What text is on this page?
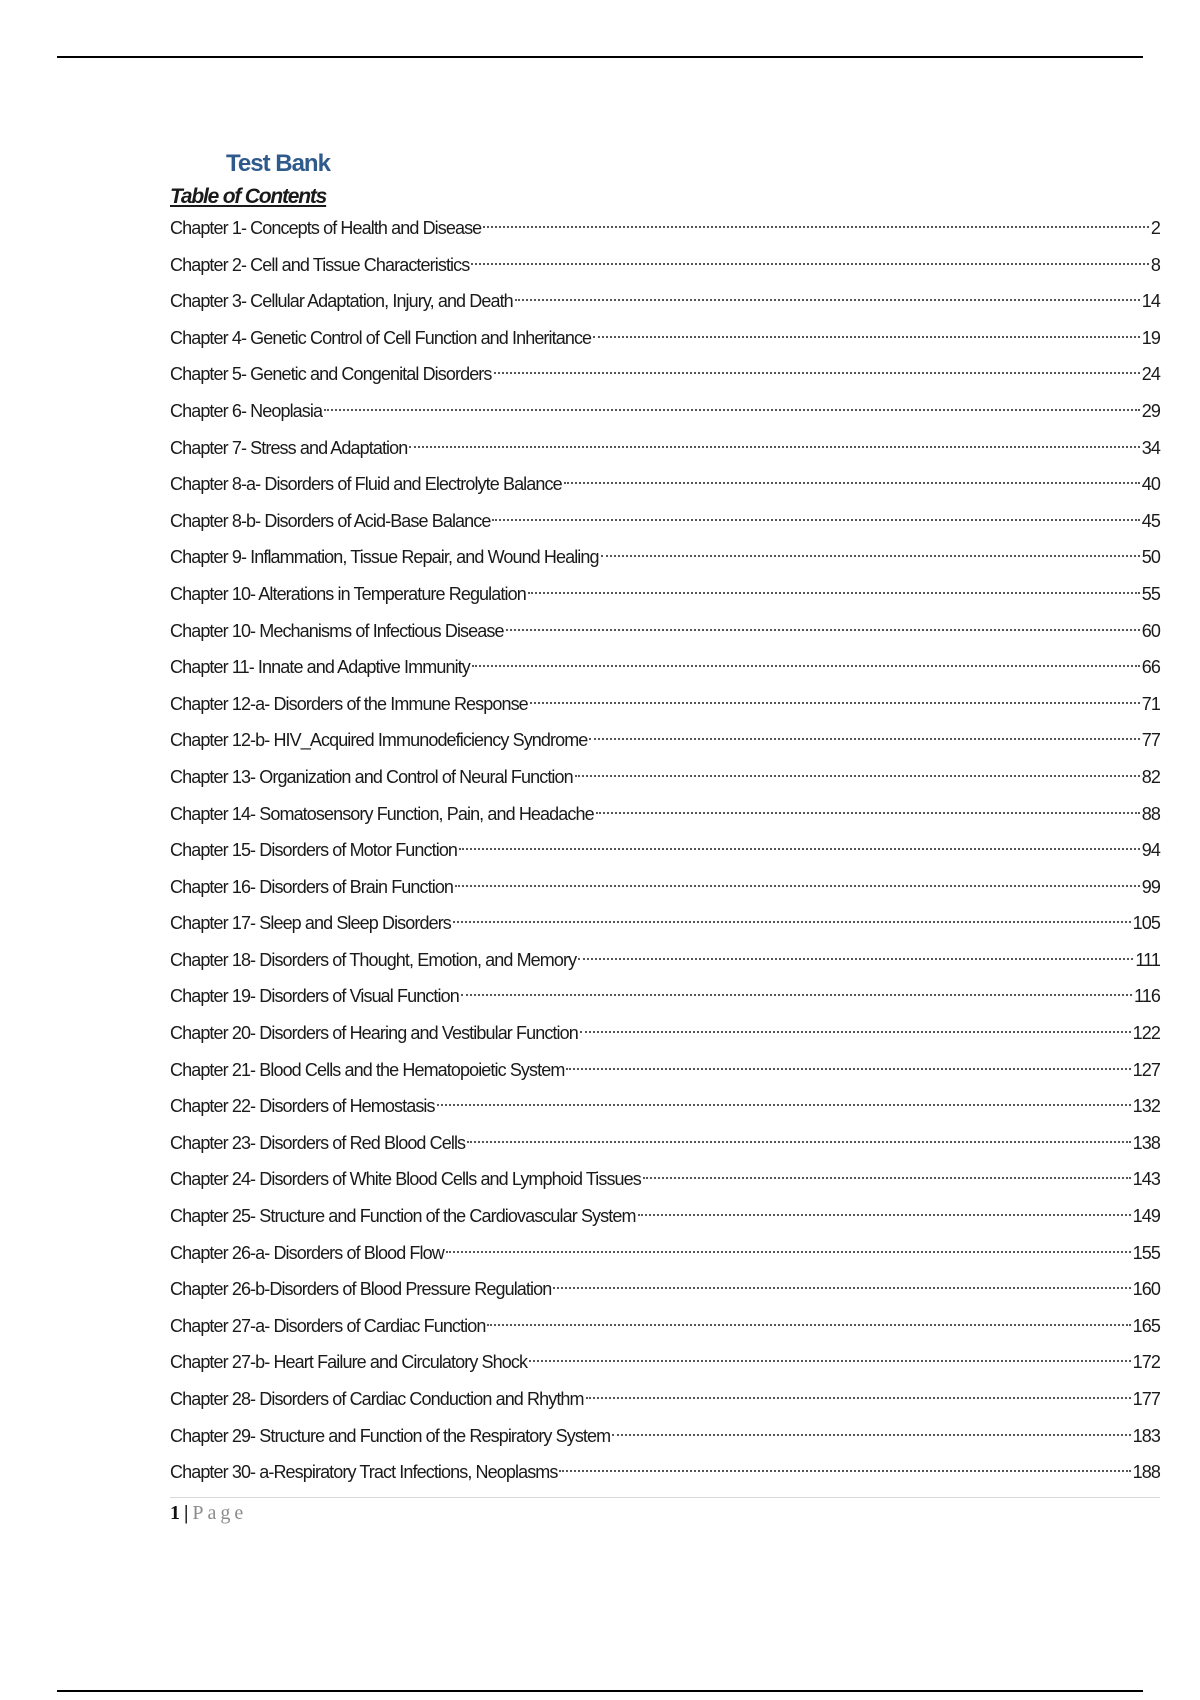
Test Bank
Table of Contents
Chapter 1- Concepts of Health and Disease	2
Chapter 2- Cell and Tissue Characteristics	8
Chapter 3- Cellular Adaptation, Injury, and Death	14
Chapter 4- Genetic Control of Cell Function and Inheritance	19
Chapter 5- Genetic and Congenital Disorders	24
Chapter 6- Neoplasia	29
Chapter 7- Stress and Adaptation	34
Chapter 8-a- Disorders of Fluid and Electrolyte Balance	40
Chapter 8-b- Disorders of Acid-Base Balance	45
Chapter 9- Inflammation, Tissue Repair, and Wound Healing	50
Chapter 10- Alterations in Temperature Regulation	55
Chapter 10- Mechanisms of Infectious Disease	60
Chapter 11- Innate and Adaptive Immunity	66
Chapter 12-a- Disorders of the Immune Response	71
Chapter 12-b- HIV_Acquired Immunodeficiency Syndrome	77
Chapter 13- Organization and Control of Neural Function	82
Chapter 14- Somatosensory Function, Pain, and Headache	88
Chapter 15- Disorders of Motor Function	94
Chapter 16- Disorders of Brain Function	99
Chapter 17- Sleep and Sleep Disorders	105
Chapter 18- Disorders of Thought, Emotion, and Memory	111
Chapter 19- Disorders of Visual Function	116
Chapter 20- Disorders of Hearing and Vestibular Function	122
Chapter 21- Blood Cells and the Hematopoietic System	127
Chapter 22- Disorders of Hemostasis	132
Chapter 23- Disorders of Red Blood Cells	138
Chapter 24- Disorders of White Blood Cells and Lymphoid Tissues	143
Chapter 25- Structure and Function of the Cardiovascular System	149
Chapter 26-a- Disorders of Blood Flow	155
Chapter 26-b-Disorders of Blood Pressure Regulation	160
Chapter 27-a- Disorders of Cardiac Function	165
Chapter 27-b- Heart Failure and Circulatory Shock	172
Chapter 28- Disorders of Cardiac Conduction and Rhythm	177
Chapter 29- Structure and Function of the Respiratory System	183
Chapter 30- a-Respiratory Tract Infections, Neoplasms	188
1 | Page
